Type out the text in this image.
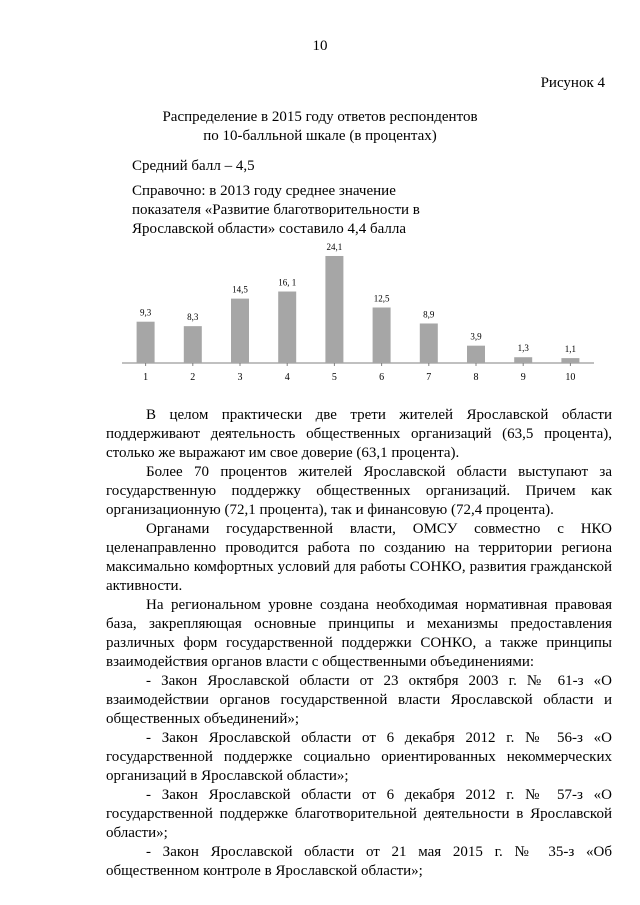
10
Рисунок 4
Распределение в 2015 году ответов респондентов
по 10-балльной шкале (в процентах)
Средний балл – 4,5
Справочно: в 2013 году среднее значение
показателя «Развитие благотворительности в
Ярославской области» составило 4,4 балла
9,3
1
8,3
2
14,5
3
16, 1
4
24,1
5
12,5
6
8,9
7
3,9
8
1,3
9
1,1
10

В целом практически две трети жителей Ярославской области поддерживают деятельность общественных организаций (63,5 процента), столько же выражают им свое доверие (63,1 процента).

Более 70 процентов жителей Ярославской области выступают за государственную поддержку общественных организаций. Причем как организационную (72,1 процента), так и финансовую (72,4 процента).

Органами государственной власти, ОМСУ совместно с НКО целенаправленно проводится работа по созданию на территории региона максимально комфортных условий для работы СОНКО, развития гражданской активности.

На региональном уровне создана необходимая нормативная правовая база, закрепляющая основные принципы и механизмы предоставления различных форм государственной поддержки СОНКО, а также принципы взаимодействия органов власти с общественными объединениями:

- Закон Ярославской области от 23 октября 2003 г. № 61-з «О взаимодействии органов государственной власти Ярославской области и общественных объединений»;

- Закон Ярославской области от 6 декабря 2012 г. № 56-з «О государственной поддержке социально ориентированных некоммерческих организаций в Ярославской области»;

- Закон Ярославской области от 6 декабря 2012 г. № 57-з «О государственной поддержке благотворительной деятельности в Ярославской области»;

- Закон Ярославской области от 21 мая 2015 г. № 35-з «Об общественном контроле в Ярославской области»;
